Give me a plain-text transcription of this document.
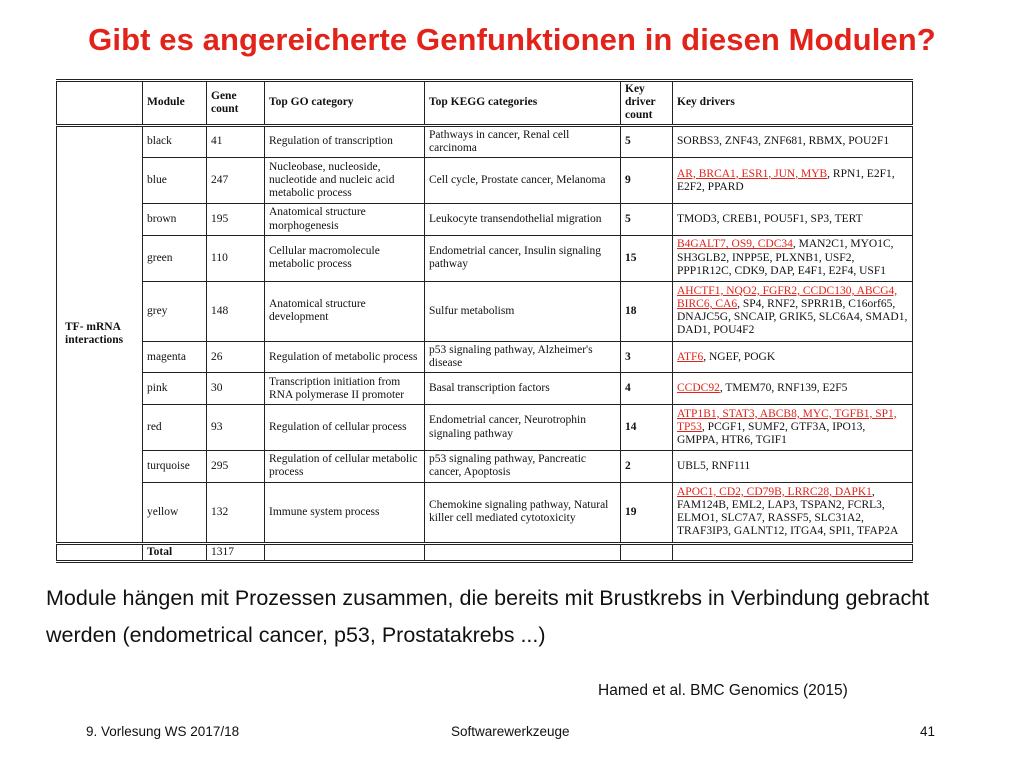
Gibt es angereicherte Genfunktionen in diesen Modulen?
	Module	Gene count	Top GO category	Top KEGG categories	Key driver count	Key drivers
TF- mRNA interactions	black	41	Regulation of transcription	Pathways in cancer, Renal cell carcinoma	5	SORBS3, ZNF43, ZNF681, RBMX, POU2F1
	blue	247	Nucleobase, nucleoside, nucleotide and nucleic acid metabolic process	Cell cycle, Prostate cancer, Melanoma	9	AR, BRCA1, ESR1, JUN, MYB, RPN1, E2F1, E2F2, PPARD
	brown	195	Anatomical structure morphogenesis	Leukocyte transendothelial migration	5	TMOD3, CREB1, POU5F1, SP3, TERT
	green	110	Cellular macromolecule metabolic process	Endometrial cancer, Insulin signaling pathway	15	B4GALT7, OS9, CDC34, MAN2C1, MYO1C, SH3GLB2, INPP5E, PLXNB1, USF2, PPP1R12C, CDK9, DAP, E4F1, E2F4, USF1
	grey	148	Anatomical structure development	Sulfur metabolism	18	AHCTF1, NQO2, FGFR2, CCDC130, ABCG4, BIRC6, CA6, SP4, RNF2, SPRR1B, C16orf65, DNAJC5G, SNCAIP, GRIK5, SLC6A4, SMAD1, DAD1, POU4F2
	magenta	26	Regulation of metabolic process	p53 signaling pathway, Alzheimer's disease	3	ATF6, NGEF, POGK
	pink	30	Transcription initiation from RNA polymerase II promoter	Basal transcription factors	4	CCDC92, TMEM70, RNF139, E2F5
	red	93	Regulation of cellular process	Endometrial cancer, Neurotrophin signaling pathway	14	ATP1B1, STAT3, ABCB8, MYC, TGFB1, SP1, TP53, PCGF1, SUMF2, GTF3A, IPO13, GMPPA, HTR6, TGIF1
	turquoise	295	Regulation of cellular metabolic process	p53 signaling pathway, Pancreatic cancer, Apoptosis	2	UBL5, RNF111
	yellow	132	Immune system process	Chemokine signaling pathway, Natural killer cell mediated cytotoxicity	19	APOC1, CD2, CD79B, LRRC28, DAPK1, FAM124B, EML2, LAP3, TSPAN2, FCRL3, ELMO1, SLC7A7, RASSF5, SLC31A2, TRAF3IP3, GALNT12, ITGA4, SPI1, TFAP2A
	Total	1317				
Module hängen mit Prozessen zusammen, die bereits mit Brustkrebs in Verbindung gebracht werden (endometrical cancer, p53, Prostatakrebs ...)
Hamed et al. BMC Genomics (2015)
9. Vorlesung WS 2017/18	Softwarewerkzeuge	41
